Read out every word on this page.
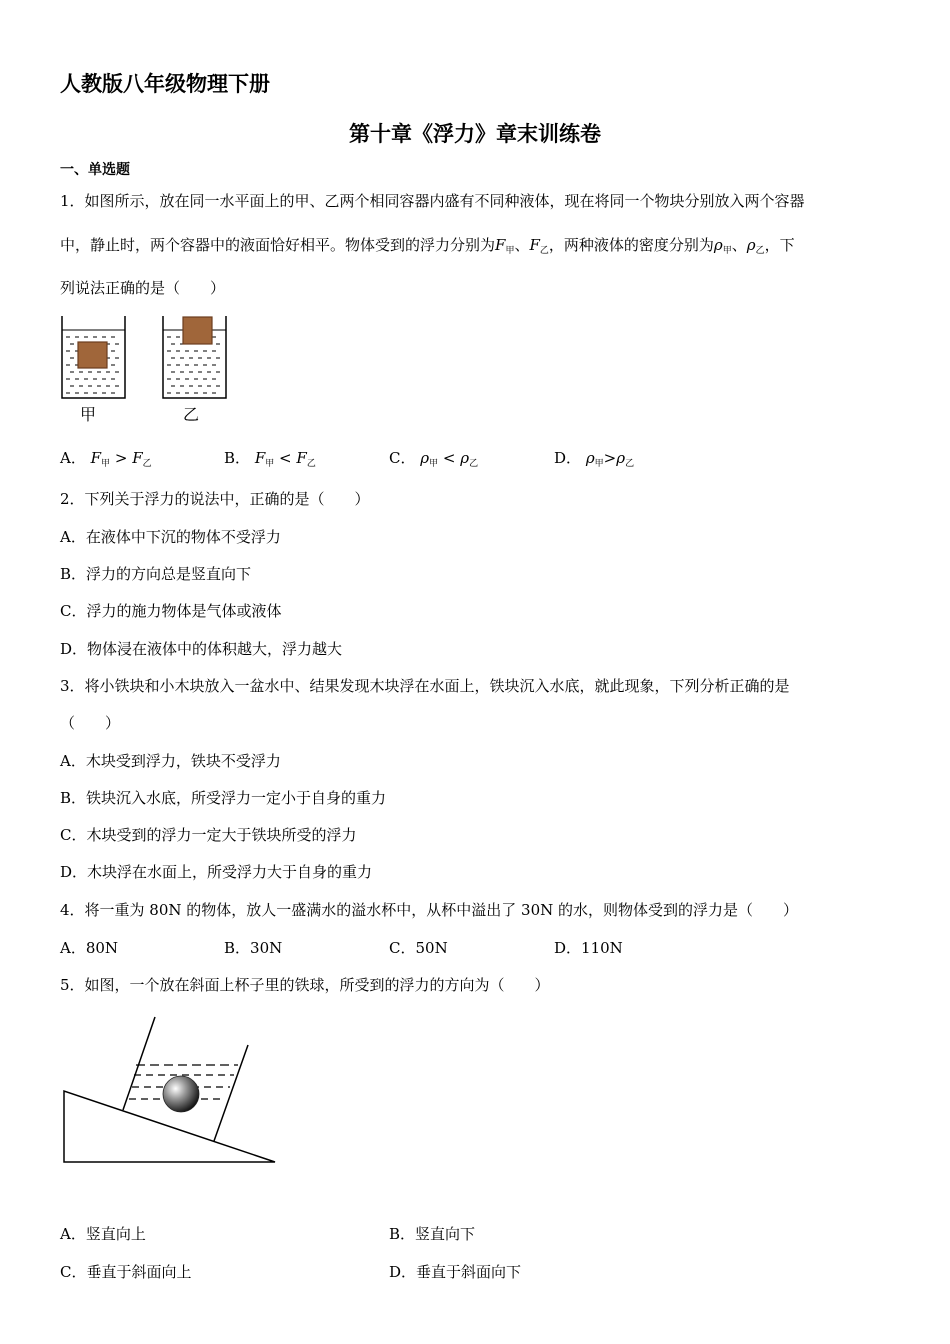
人教版八年级物理下册
第十章《浮力》章末训练卷
一、单选题
1．如图所示，放在同一水平面上的甲、乙两个相同容器内盛有不同种液体，现在将同一个物块分别放入两个容器
中，静止时，两个容器中的液面恰好相平。物体受到的浮力分别为$F_甲$、$F_乙$，两种液体的密度分别为$\rho_甲$、$\rho_乙$，下
列说法正确的是（　　）
甲	乙
A． $F_甲 > F_乙$	B． $F_甲 < F_乙$	C． $\rho_甲 < \rho_乙$	D． $\rho_甲>\rho_乙$
2．下列关于浮力的说法中，正确的是（　　）
A．在液体中下沉的物体不受浮力
B．浮力的方向总是竖直向下
C．浮力的施力物体是气体或液体
D．物体浸在液体中的体积越大，浮力越大
3．将小铁块和小木块放入一盆水中、结果发现木块浮在水面上，铁块沉入水底，就此现象，下列分析正确的是
（　　）
A．木块受到浮力，铁块不受浮力
B．铁块沉入水底，所受浮力一定小于自身的重力
C．木块受到的浮力一定大于铁块所受的浮力
D．木块浮在水面上，所受浮力大于自身的重力
4．将一重为 80N 的物体，放人一盛满水的溢水杯中，从杯中溢出了 30N 的水，则物体受到的浮力是（　　）
A．80N	B．30N	C．50N	D．110N
5．如图，一个放在斜面上杯子里的铁球，所受到的浮力的方向为（　　）
A．竖直向上	B．竖直向下
C．垂直于斜面向上	D．垂直于斜面向下
